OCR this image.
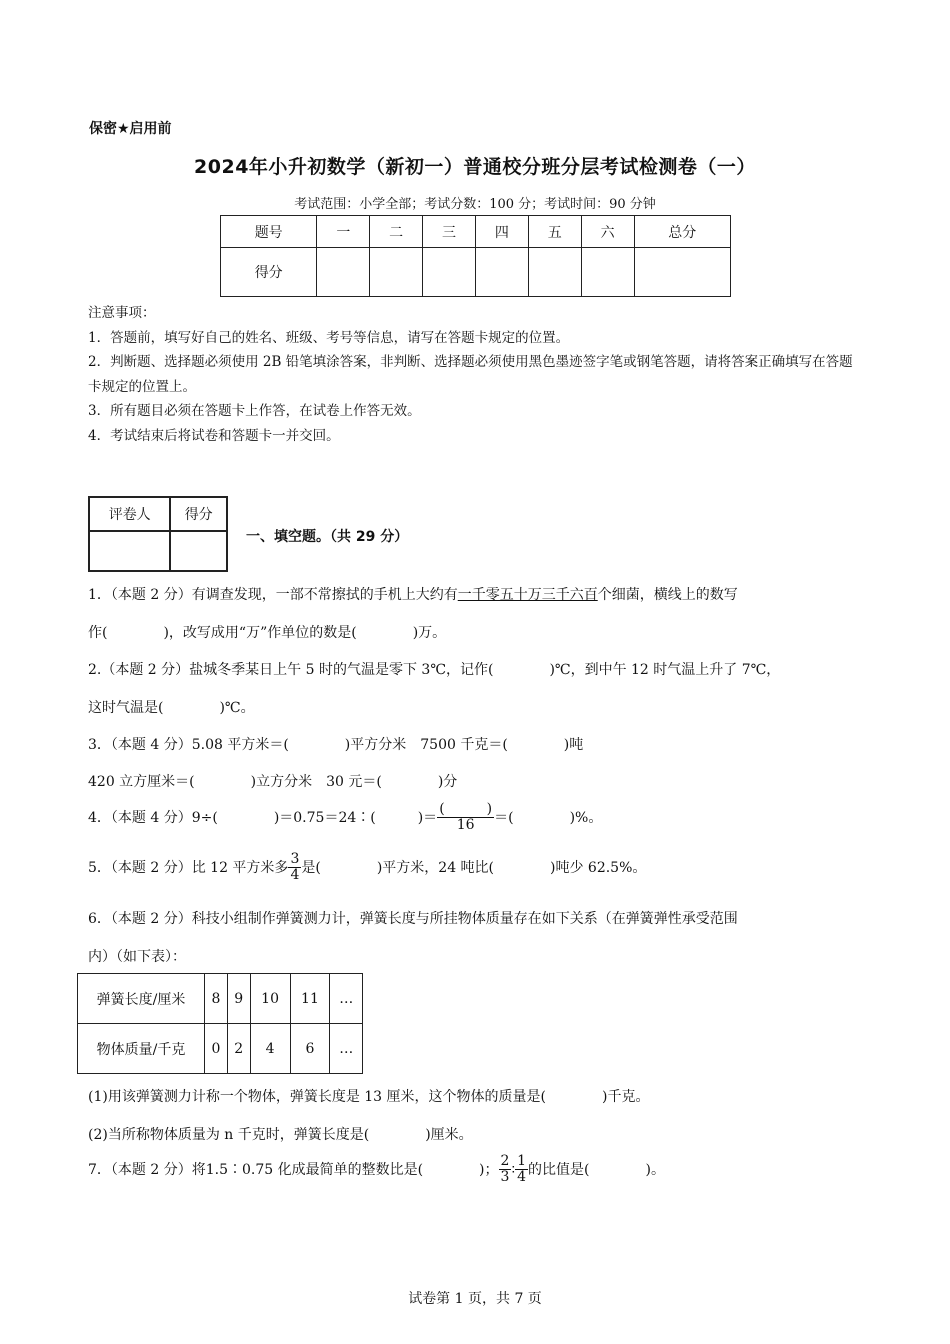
保密★启用前
2024年小升初数学（新初一）普通校分班分层考试检测卷（一）
考试范围：小学全部；考试分数：100 分；考试时间：90 分钟
题号	一	二	三	四	五	六	总分
得分							

注意事项：

1．答题前，填写好自己的姓名、班级、考号等信息，请写在答题卡规定的位置。

2．判断题、选择题必须使用 2B 铅笔填涂答案，非判断、选择题必须使用黑色墨迹签字笔或钢笔答题，请将答案正确填写在答题卡规定的位置上。

3．所有题目必须在答题卡上作答，在试卷上作答无效。

4．考试结束后将试卷和答题卡一并交回。

评卷人	得分

一、填空题。（共 29 分）
1．（本题 2 分）有调查发现，一部不常擦拭的手机上大约有一千零五十万三千六百个细菌，横线上的数写
作(　　　　)，改写成用“万”作单位的数是(　　　　)万。
2.（本题 2 分）盐城冬季某日上午 5 时的气温是零下 3℃，记作(　　　　)℃，到中午 12 时气温上升了 7℃，
这时气温是(　　　　)℃。
3．（本题 4 分）5.08 平方米＝(　　　　)平方分米　7500 千克＝(　　　　)吨
420 立方厘米＝(　　　　)立方分米　30 元＝(　　　　)分
4．（本题 4 分）9÷(　　　　)＝0.75＝24∶(　　　)＝ $\frac{( )}{16}$ ＝(　　　　)%。
5．（本题 2 分）比 12 平方米多 $\frac{3}{4}$ 是(　　　　)平方米，24 吨比(　　　　)吨少 62.5%。
6．（本题 2 分）科技小组制作弹簧测力计，弹簧长度与所挂物体质量存在如下关系（在弹簧弹性承受范围
内）（如下表）：
弹簧长度/厘米	8	9	10	11	…
物体质量/千克	0	2	4	6	…
(1)用该弹簧测力计称一个物体，弹簧长度是 13 厘米，这个物体的质量是(　　　　)千克。
(2)当所称物体质量为 n 千克时，弹簧长度是(　　　　)厘米。
7．（本题 2 分）将1.5∶0.75 化成最简单的整数比是(　　　　)； $\frac{2}{3}$ ∶ $\frac{1}{4}$ 的比值是(　　　　)。
试卷第 1 页，共 7 页
